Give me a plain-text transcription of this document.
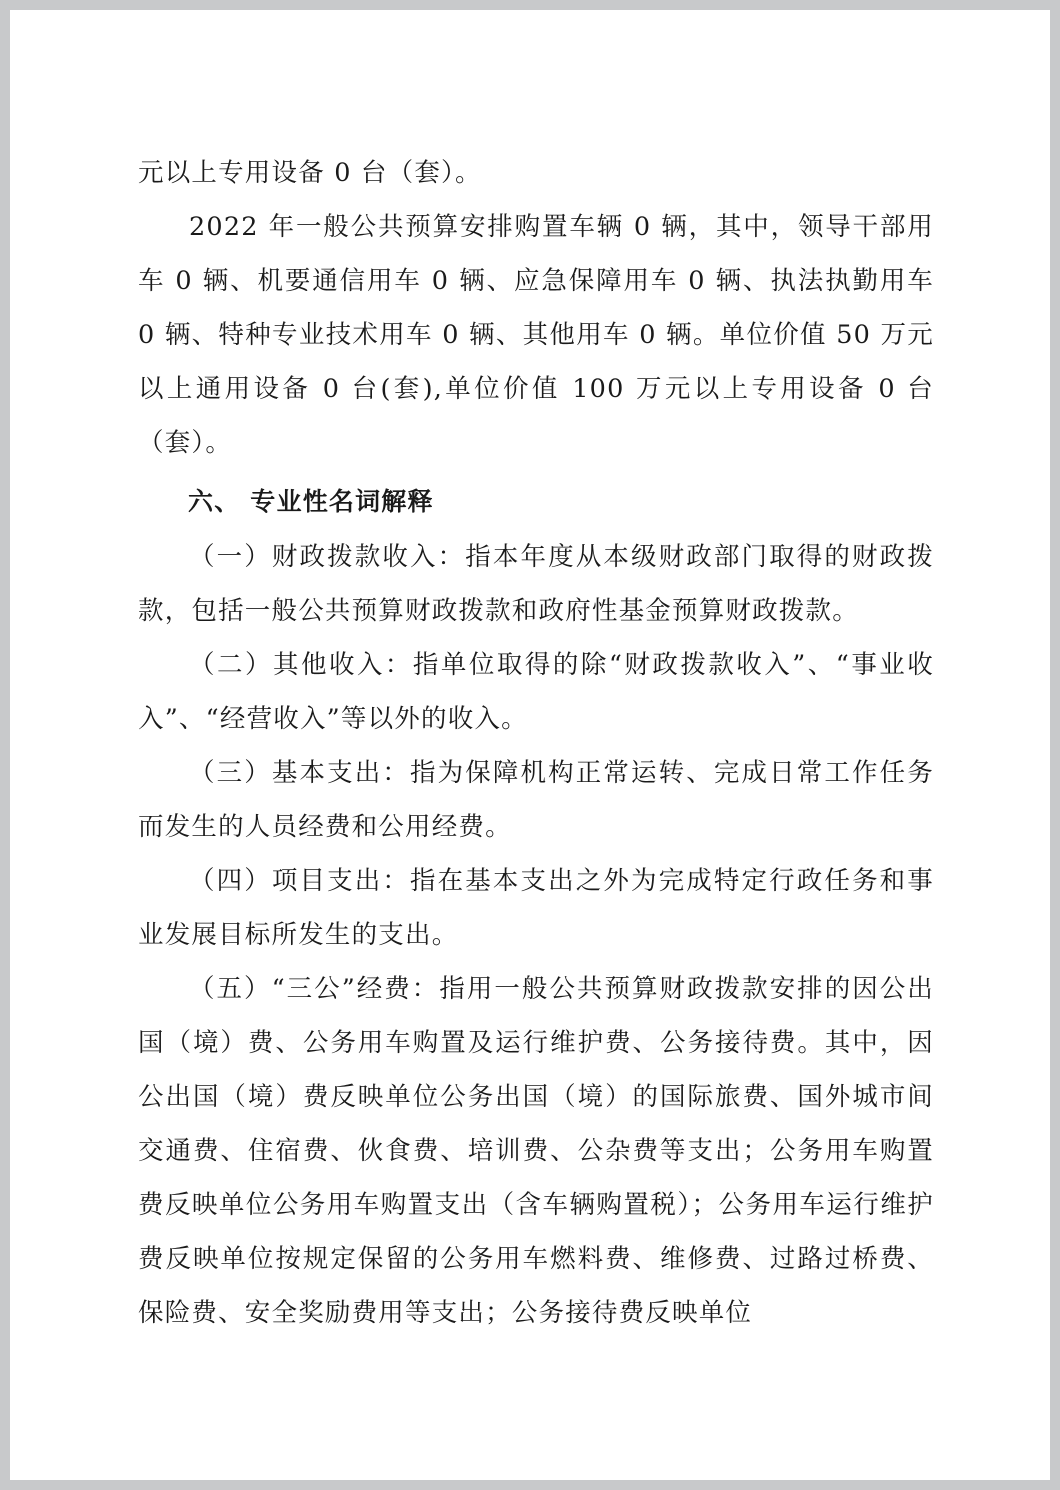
元以上专用设备 0 台（套）。

2022 年一般公共预算安排购置车辆 0 辆，其中，领导干部用车 0 辆、机要通信用车 0 辆、应急保障用车 0 辆、执法执勤用车 0 辆、特种专业技术用车 0 辆、其他用车 0 辆。单位价值 50 万元以上通用设备 0 台(套),单位价值 100 万元以上专用设备 0 台（套）。

六、 专业性名词解释

（一）财政拨款收入：指本年度从本级财政部门取得的财政拨款，包括一般公共预算财政拨款和政府性基金预算财政拨款。

（二）其他收入：指单位取得的除“财政拨款收入”、“事业收入”、“经营收入”等以外的收入。

（三）基本支出：指为保障机构正常运转、完成日常工作任务而发生的人员经费和公用经费。

（四）项目支出：指在基本支出之外为完成特定行政任务和事业发展目标所发生的支出。

（五）“三公”经费：指用一般公共预算财政拨款安排的因公出国（境）费、公务用车购置及运行维护费、公务接待费。其中，因公出国（境）费反映单位公务出国（境）的国际旅费、国外城市间交通费、住宿费、伙食费、培训费、公杂费等支出；公务用车购置费反映单位公务用车购置支出（含车辆购置税）；公务用车运行维护费反映单位按规定保留的公务用车燃料费、维修费、过路过桥费、保险费、安全奖励费用等支出；公务接待费反映单位
